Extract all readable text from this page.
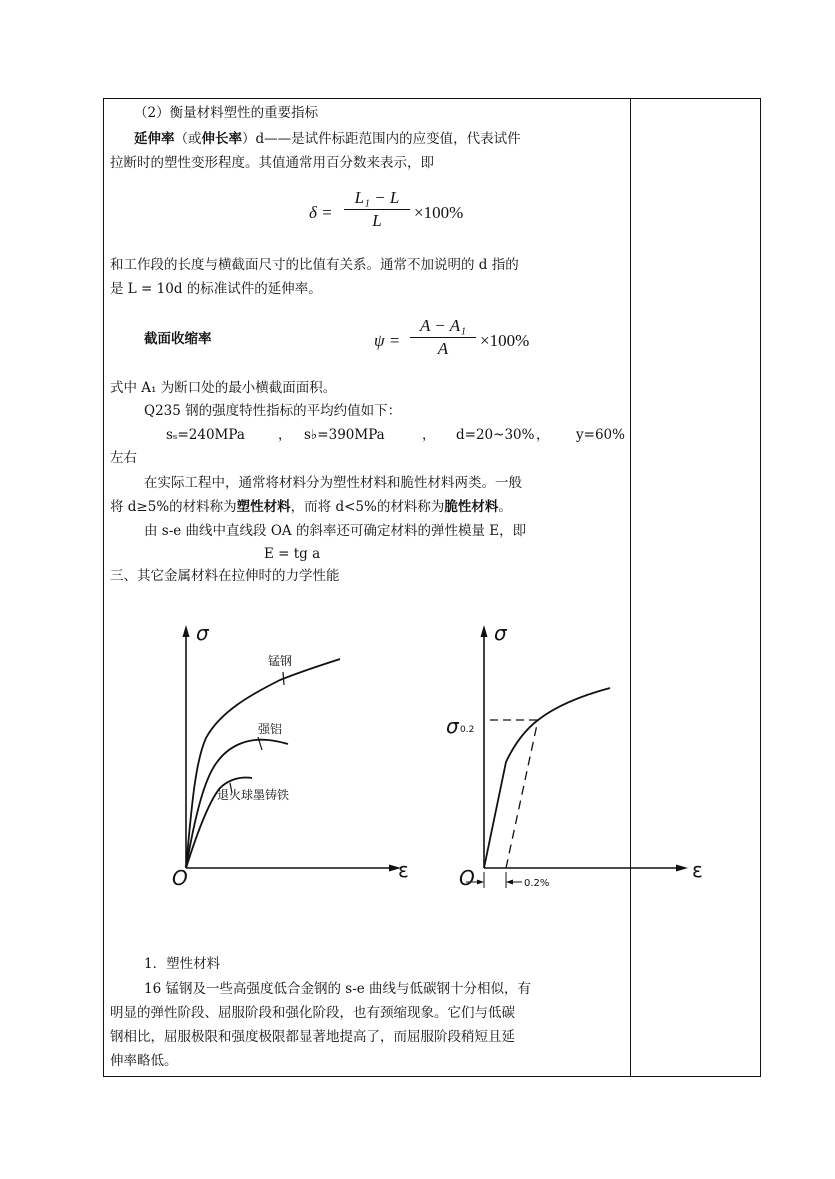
（2）衡量材料塑性的重要指标
延伸率（或伸长率）d——是试件标距范围内的应变值，代表试件
拉断时的塑性变形程度。其值通常用百分数来表示，即
δ =
L₁ − L
L	×100%
和工作段的长度与横截面尺寸的比值有关系。通常不加说明的 d 指的
是 L = 10d 的标准试件的延伸率。
截面收缩率	ψ =
A − A₁
A	×100%
式中 A₁ 为断口处的最小横截面面积。
Q235 钢的强度特性指标的平均约值如下：
sₛ=240MPa ， s♭=390MPa	， d=20~30% ， y=60%
左右
在实际工程中，通常将材料分为塑性材料和脆性材料两类。一般
将 d≥5%的材料称为塑性材料，而将 d<5%的材料称为脆性材料。
由 s-e 曲线中直线段 OA 的斜率还可确定材料的弹性模量 E，即
E = tg a
三、其它金属材料在拉伸时的力学性能
σ
ε
O
锰钢
强铝
退火球墨铸铁
σ
ε
O
σ 0.2
0.2%
1．塑性材料
16 锰钢及一些高强度低合金钢的 s-e 曲线与低碳钢十分相似，有
明显的弹性阶段、屈服阶段和强化阶段，也有颈缩现象。它们与低碳
钢相比，屈服极限和强度极限都显著地提高了，而屈服阶段稍短且延
伸率略低。
